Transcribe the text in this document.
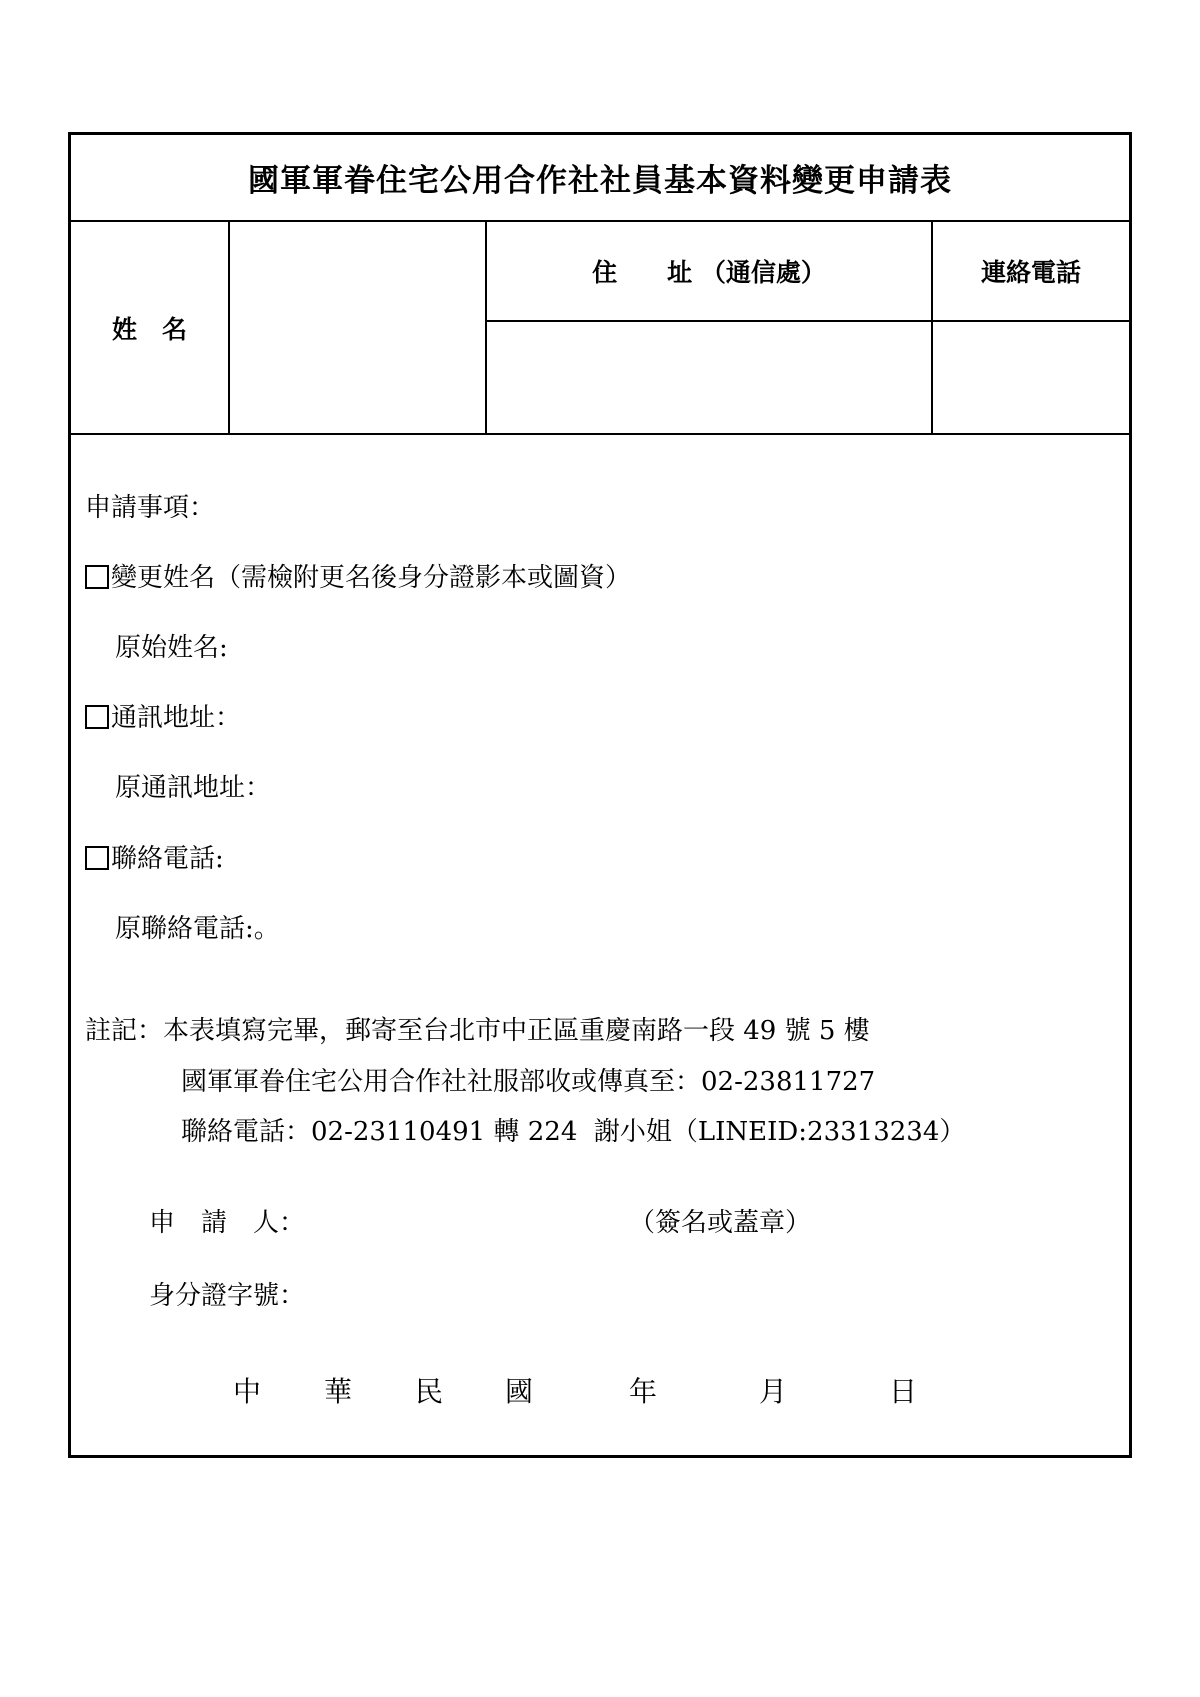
國軍軍眷住宅公用合作社社員基本資料變更申請表
姓　名
住　　址 （通信處）	連絡電話
申請事項：
變更姓名（需檢附更名後身分證影本或圖資）
原始姓名:
通訊地址：
原通訊地址：
聯絡電話:
原聯絡電話:。
註記：本表填寫完畢，郵寄至台北市中正區重慶南路一段 49 號 5 樓
國軍軍眷住宅公用合作社社服部收或傳真至：02-23811727
聯絡電話：02-23110491 轉 224  謝小姐（LINEID:23313234）
申　請　人：	（簽名或蓋章）
身分證字號：
中 華 民 國	年	月	日
